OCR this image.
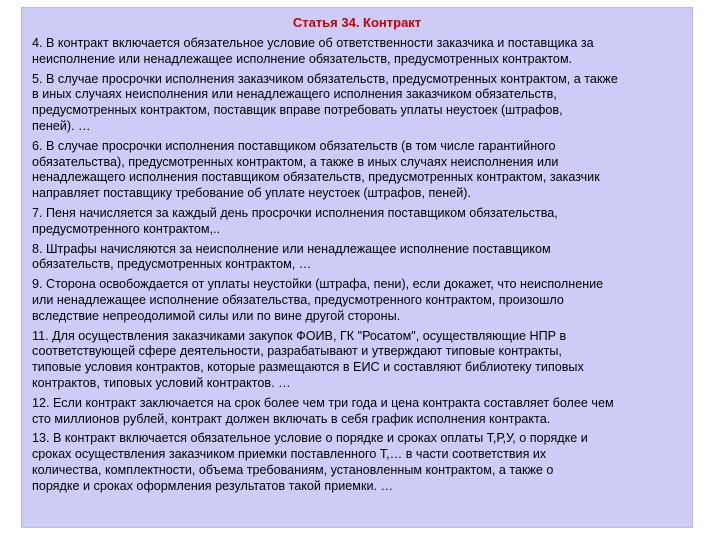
Статья 34. Контракт
4. В контракт включается обязательное условие об ответственности заказчика и поставщика за
неисполнение или ненадлежащее исполнение обязательств, предусмотренных контрактом.
5. В случае просрочки исполнения заказчиком обязательств, предусмотренных контрактом, а также
в иных случаях неисполнения или ненадлежащего исполнения заказчиком обязательств,
предусмотренных контрактом, поставщик вправе потребовать уплаты неустоек (штрафов,
пеней). …
6. В случае просрочки исполнения поставщиком обязательств (в том числе гарантийного
обязательства), предусмотренных контрактом, а также в иных случаях неисполнения или
ненадлежащего исполнения поставщиком обязательств, предусмотренных контрактом, заказчик
направляет поставщику требование об уплате неустоек (штрафов, пеней).
7. Пеня начисляется за каждый день просрочки исполнения поставщиком обязательства,
предусмотренного контрактом,..
8. Штрафы начисляются за неисполнение или ненадлежащее исполнение поставщиком
обязательств, предусмотренных контрактом, …
9. Сторона освобождается от уплаты неустойки (штрафа, пени), если докажет, что неисполнение
или ненадлежащее исполнение обязательства, предусмотренного контрактом, произошло
вследствие непреодолимой силы или по вине другой стороны.
11. Для осуществления заказчиками закупок ФОИВ, ГК "Росатом", осуществляющие НПР в
соответствующей сфере деятельности, разрабатывают и утверждают типовые контракты,
типовые условия контрактов, которые размещаются в ЕИС и составляют библиотеку типовых
контрактов, типовых условий контрактов. …
12. Если контракт заключается на срок более чем три года и цена контракта составляет более чем
сто миллионов рублей, контракт должен включать в себя график исполнения контракта.
13. В контракт включается обязательное условие о порядке и сроках оплаты Т,Р,У, о порядке и
сроках осуществления заказчиком приемки поставленного Т,… в части соответствия их
количества, комплектности, объема требованиям, установленным контрактом, а также о
порядке и сроках оформления результатов такой приемки. …
